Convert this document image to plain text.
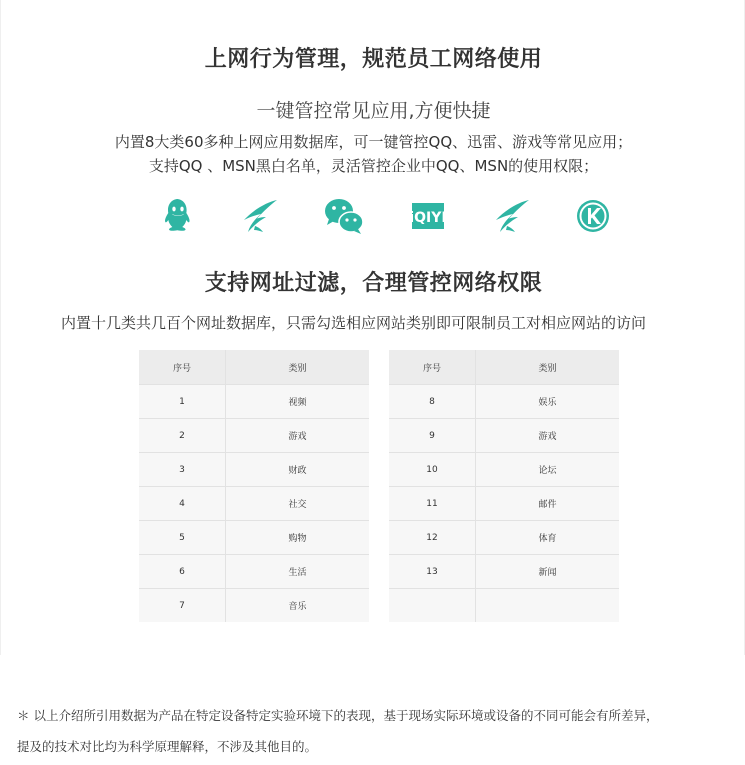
上网行为管理，规范员工网络使用
一键管控常见应用,方便快捷
内置8大类60多种上网应用数据库，可一键管控QQ、迅雷、游戏等常见应用；
支持QQ 、MSN黑白名单，灵活管控企业中QQ、MSN的使用权限；
iQIYI
支持网址过滤，合理管控网络权限
内置十几类共几百个网址数据库，只需勾选相应网站类别即可限制员工对相应网站的访问
序号	类别
1	视频
2	游戏
3	财政
4	社交
5	购物
6	生活
7	音乐
序号	类别
8	娱乐
9	游戏
10	论坛
11	邮件
12	体育
13	新闻

＊ 以上介绍所引用数据为产品在特定设备特定实验环境下的表现，基于现场实际环境或设备的不同可能会有所差异，
提及的技术对比均为科学原理解释，不涉及其他目的。
